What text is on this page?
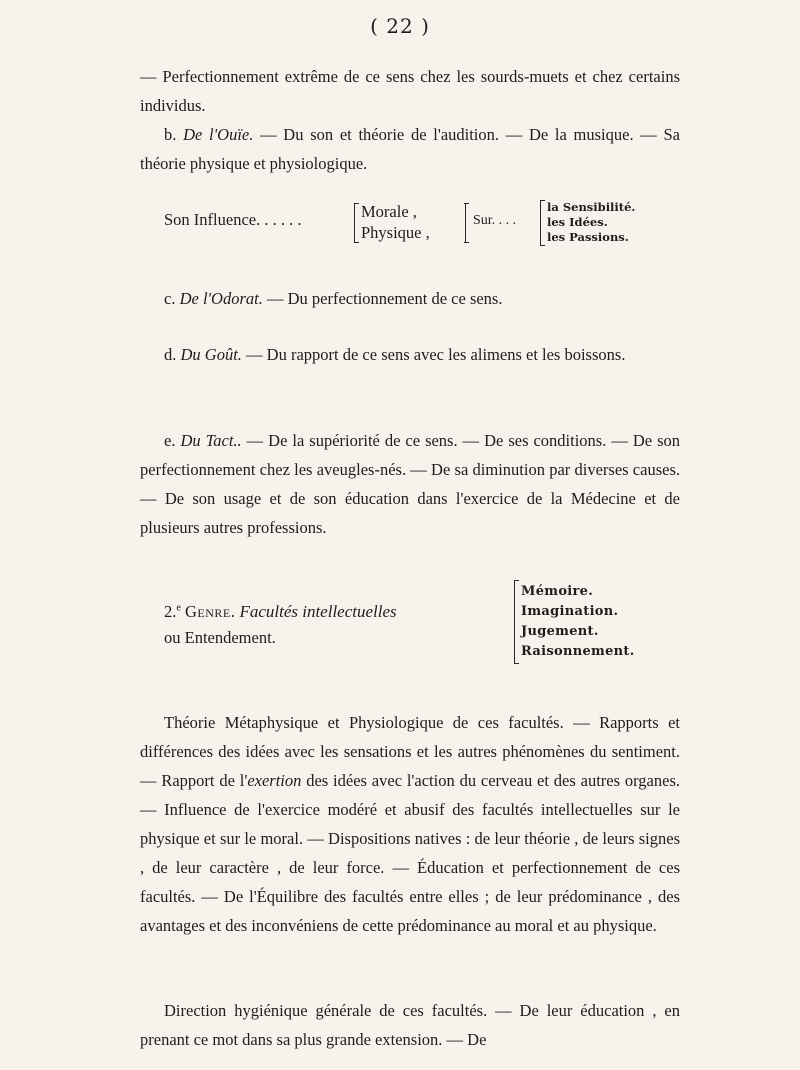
( 22 )

— Perfectionnement extrême de ce sens chez les sourds-muets et chez certains individus.

b. De l'Ouïe. — Du son et théorie de l'audition. — De la musique. — Sa théorie physique et physiologique.

Son Influence. . . . . .	Morale ,
Physique ,
Sur. . . .
la Sensibilité.
les Idées.
les Passions.

c. De l'Odorat. — Du perfectionnement de ce sens.

d. Du Goût. — Du rapport de ce sens avec les alimens et les boissons.

e. Du Tact.. — De la supériorité de ce sens. — De ses conditions. — De son perfectionnement chez les aveugles-nés. — De sa diminution par diverses causes. — De son usage et de son éducation dans l'exercice de la Médecine et de plusieurs autres professions.

2.$^e$ Genre. Facultés intellectuelles
ou Entendement.
Mémoire.
Imagination.
Jugement.
Raisonnement.

Théorie Métaphysique et Physiologique de ces facultés. — Rapports et différences des idées avec les sensations et les autres phénomènes du sentiment. — Rapport de l'exertion des idées avec l'action du cerveau et des autres organes. — Influence de l'exercice modéré et abusif des facultés intellectuelles sur le physique et sur le moral. — Dispositions natives : de leur théorie , de leurs signes , de leur caractère , de leur force. — Éducation et perfectionnement de ces facultés. — De l'Équilibre des facultés entre elles ; de leur prédominance , des avantages et des inconvéniens de cette prédominance au moral et au physique.

Direction hygiénique générale de ces facultés. — De leur éducation , en prenant ce mot dans sa plus grande extension. — De
